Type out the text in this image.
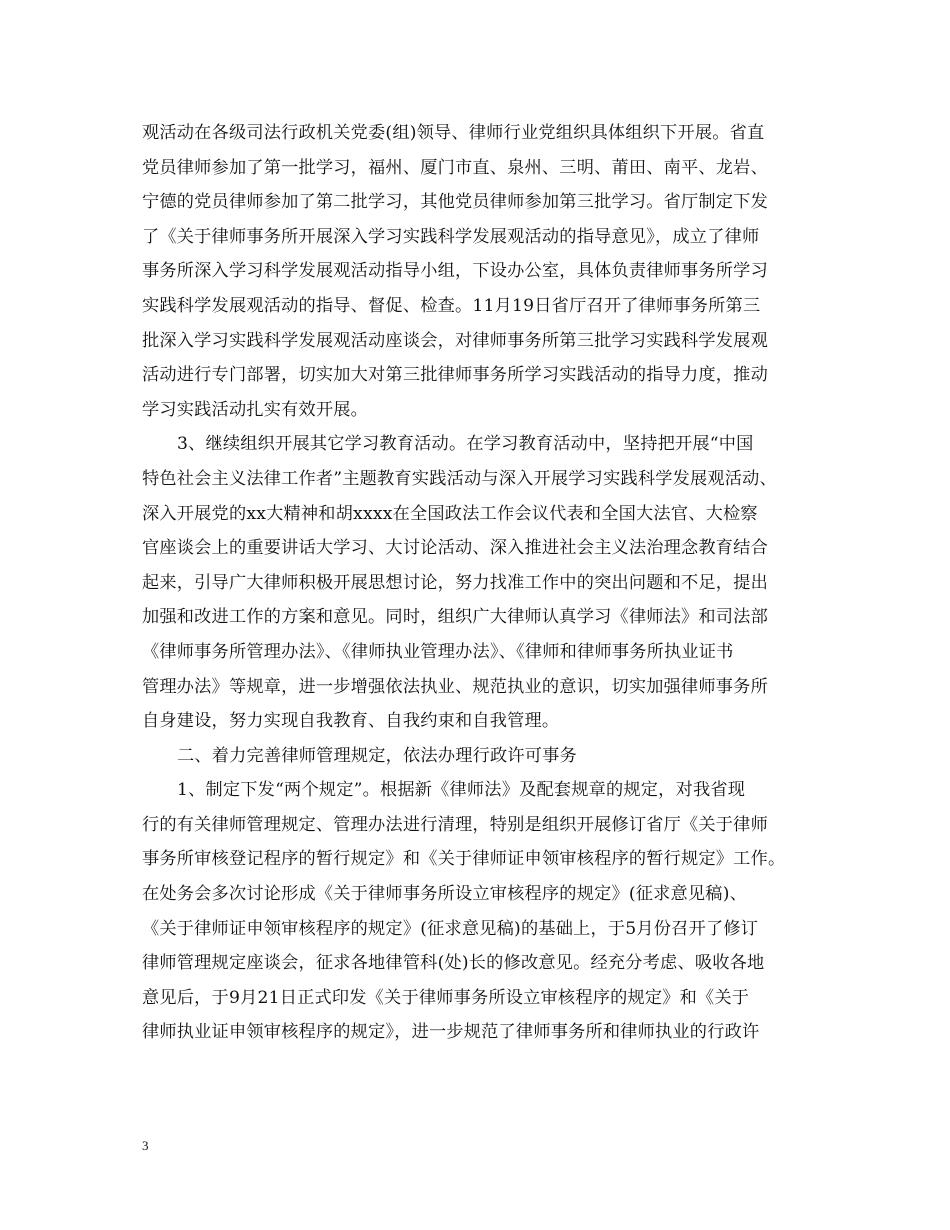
观活动在各级司法行政机关党委(组)领导、律师行业党组织具体组织下开展。省直
党员律师参加了第一批学习，福州、厦门市直、泉州、三明、莆田、南平、龙岩、
宁德的党员律师参加了第二批学习，其他党员律师参加第三批学习。省厅制定下发
了《关于律师事务所开展深入学习实践科学发展观活动的指导意见》，成立了律师
事务所深入学习科学发展观活动指导小组，下设办公室，具体负责律师事务所学习
实践科学发展观活动的指导、督促、检查。11月19日省厅召开了律师事务所第三
批深入学习实践科学发展观活动座谈会，对律师事务所第三批学习实践科学发展观
活动进行专门部署，切实加大对第三批律师事务所学习实践活动的指导力度，推动
学习实践活动扎实有效开展。
3、继续组织开展其它学习教育活动。在学习教育活动中，坚持把开展“中国
特色社会主义法律工作者”主题教育实践活动与深入开展学习实践科学发展观活动、
深入开展党的xx大精神和胡xxxx在全国政法工作会议代表和全国大法官、大检察
官座谈会上的重要讲话大学习、大讨论活动、深入推进社会主义法治理念教育结合
起来，引导广大律师积极开展思想讨论，努力找准工作中的突出问题和不足，提出
加强和改进工作的方案和意见。同时，组织广大律师认真学习《律师法》和司法部
《律师事务所管理办法》、《律师执业管理办法》、《律师和律师事务所执业证书
管理办法》等规章，进一步增强依法执业、规范执业的意识，切实加强律师事务所
自身建设，努力实现自我教育、自我约束和自我管理。
二、着力完善律师管理规定，依法办理行政许可事务
1、制定下发“两个规定”。根据新《律师法》及配套规章的规定，对我省现
行的有关律师管理规定、管理办法进行清理，特别是组织开展修订省厅《关于律师
事务所审核登记程序的暂行规定》和《关于律师证申领审核程序的暂行规定》工作。
在处务会多次讨论形成《关于律师事务所设立审核程序的规定》(征求意见稿)、
《关于律师证申领审核程序的规定》(征求意见稿)的基础上，于5月份召开了修订
律师管理规定座谈会，征求各地律管科(处)长的修改意见。经充分考虑、吸收各地
意见后，于9月21日正式印发《关于律师事务所设立审核程序的规定》和《关于
律师执业证申领审核程序的规定》，进一步规范了律师事务所和律师执业的行政许
3
